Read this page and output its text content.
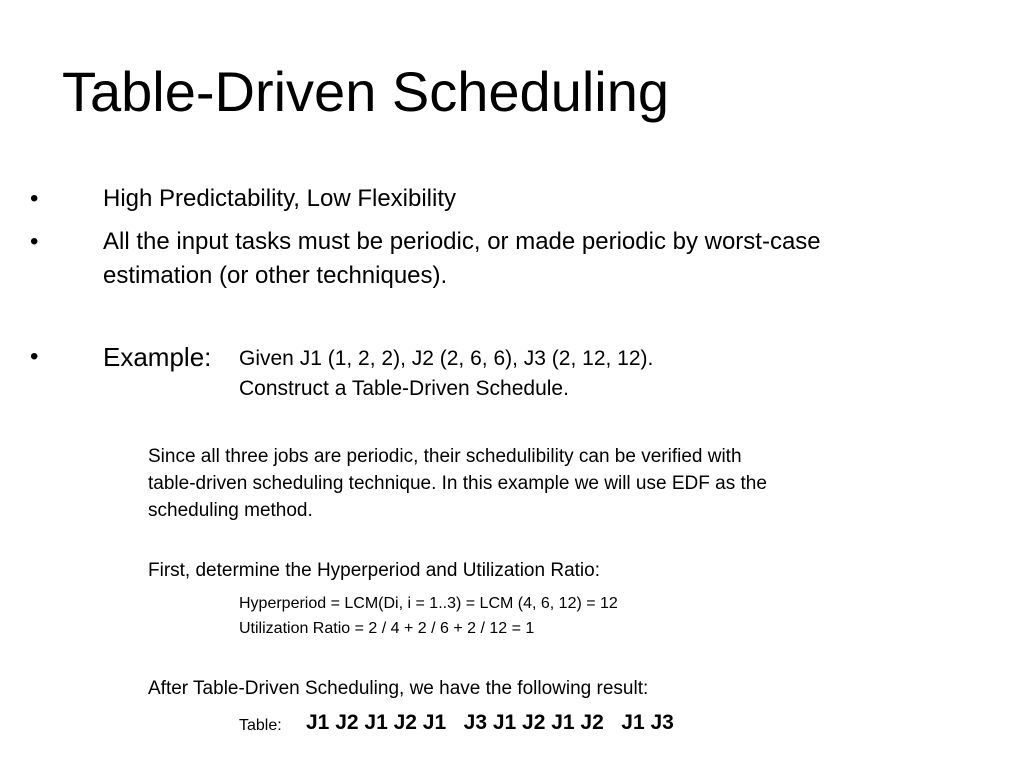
Table-Driven Scheduling
•	High Predictability, Low Flexibility
•	All the input tasks must be periodic, or made periodic by worst-case
estimation (or other techniques).
• Example: Given J1 (1, 2, 2), J2 (2, 6, 6), J3 (2, 12, 12).
Construct a Table-Driven Schedule.
Since all three jobs are periodic, their schedulibility can be verified with
table-driven scheduling technique. In this example we will use EDF as the
scheduling method.
First, determine the Hyperperiod and Utilization Ratio:
Hyperperiod = LCM(Di, i = 1..3) = LCM (4, 6, 12) = 12
Utilization Ratio = 2 / 4 + 2 / 6 + 2 / 12 = 1
After Table-Driven Scheduling, we have the following result:
Table: J1 J2 J1 J2 J1   J3 J1 J2 J1 J2   J1 J3
